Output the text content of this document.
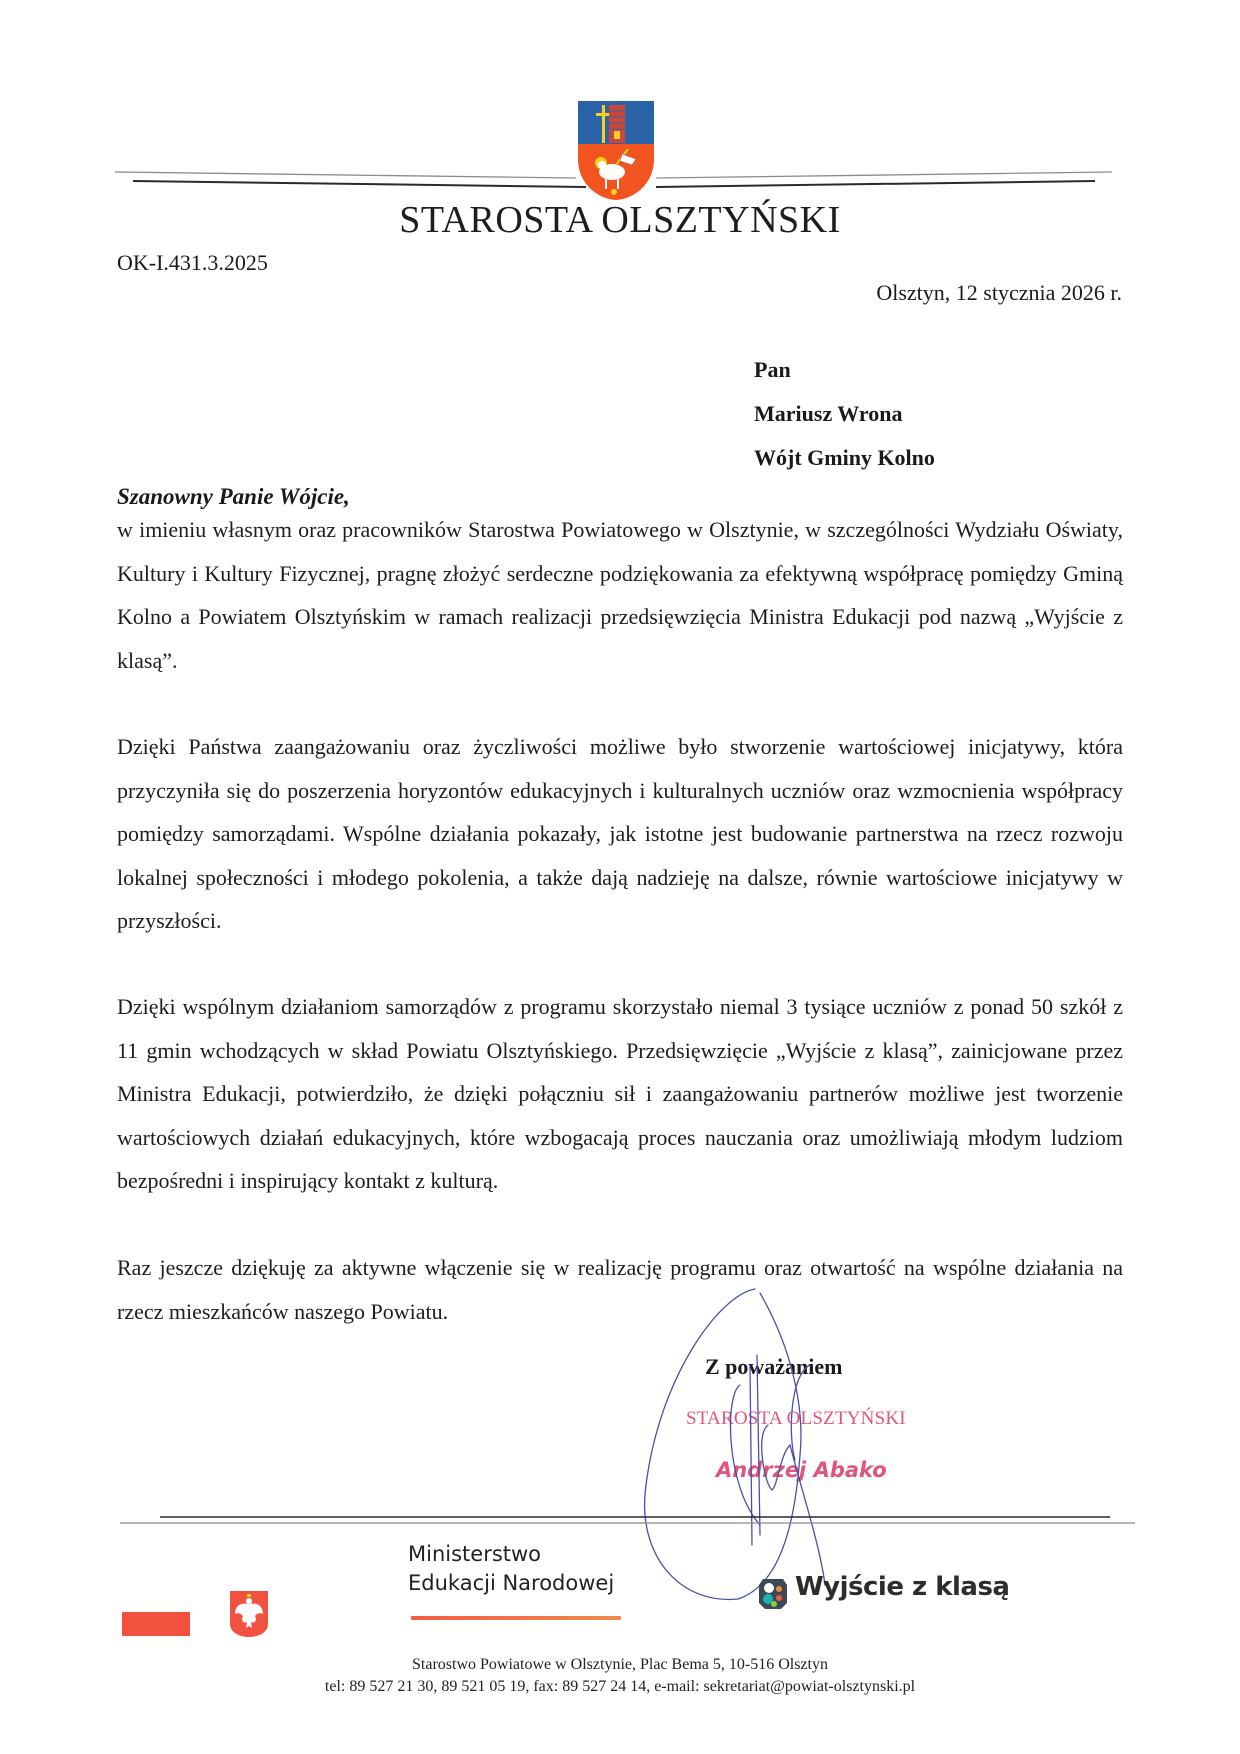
STAROSTA OLSZTYŃSKI
OK-I.431.3.2025
Olsztyn, 12 stycznia 2026 r.
Pan
Mariusz Wrona
Wójt Gminy Kolno
Szanowny Panie Wójcie,

w imieniu własnym oraz pracowników Starostwa Powiatowego w Olsztynie, w szczególności Wydziału Oświaty, Kultury i Kultury Fizycznej, pragnę złożyć serdeczne podziękowania za efektywną współpracę pomiędzy Gminą Kolno a Powiatem Olsztyńskim w ramach realizacji przedsięwzięcia Ministra Edukacji pod nazwą „Wyjście z klasą”.

Dzięki Państwa zaangażowaniu oraz życzliwości możliwe było stworzenie wartościowej inicjatywy, która przyczyniła się do poszerzenia horyzontów edukacyjnych i kulturalnych uczniów oraz wzmocnienia współpracy pomiędzy samorządami. Wspólne działania pokazały, jak istotne jest budowanie partnerstwa na rzecz rozwoju lokalnej społeczności i młodego pokolenia, a także dają nadzieję na dalsze, równie wartościowe inicjatywy w przyszłości.

Dzięki wspólnym działaniom samorządów z programu skorzystało niemal 3 tysiące uczniów z ponad 50 szkół z 11 gmin wchodzących w skład Powiatu Olsztyńskiego. Przedsięwzięcie „Wyjście z klasą”, zainicjowane przez Ministra Edukacji, potwierdziło, że dzięki połączniu sił i zaangażowaniu partnerów możliwe jest tworzenie wartościowych działań edukacyjnych, które wzbogacają proces nauczania oraz umożliwiają młodym ludziom bezpośredni i inspirujący kontakt z kulturą.

Raz jeszcze dziękuję za aktywne włączenie się w realizację programu oraz otwartość na wspólne działania na rzecz mieszkańców naszego Powiatu.

Z poważaniem
STAROSTA OLSZTYŃSKI
Andrzej Abako
Ministerstwo
Edukacji Narodowej	Wyjście z klasą
Starostwo Powiatowe w Olsztynie, Plac Bema 5, 10-516 Olsztyn
tel: 89 527 21 30, 89 521 05 19, fax: 89 527 24 14, e-mail: sekretariat@powiat-olsztynski.pl
